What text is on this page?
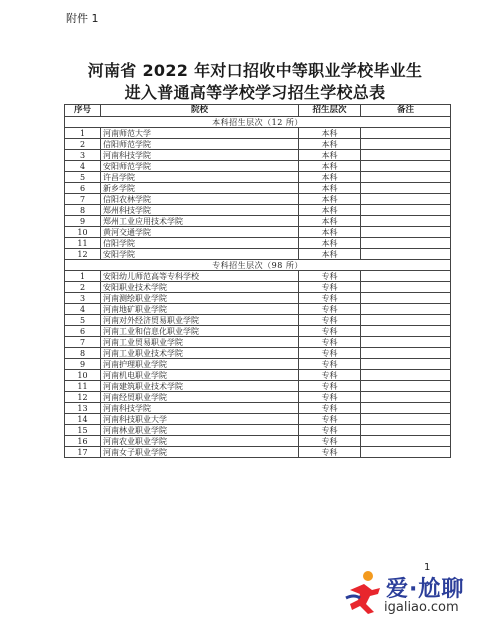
附件 1
河南省 2022 年对口招收中等职业学校毕业生
进入普通高等学校学习招生学校总表
序号	院校	招生层次	备注
本科招生层次（12 所）			
1	河南师范大学	本科	
2	信阳师范学院	本科	
3	河南科技学院	本科	
4	安阳师范学院	本科	
5	许昌学院	本科	
6	新乡学院	本科	
7	信阳农林学院	本科	
8	郑州科技学院	本科	
9	郑州工业应用技术学院	本科	
10	黄河交通学院	本科	
11	信阳学院	本科	
12	安阳学院	本科	
专科招生层次（98 所）			
1	安阳幼儿师范高等专科学校	专科	
2	安阳职业技术学院	专科	
3	河南测绘职业学院	专科	
4	河南地矿职业学院	专科	
5	河南对外经济贸易职业学院	专科	
6	河南工业和信息化职业学院	专科	
7	河南工业贸易职业学院	专科	
8	河南工业职业技术学院	专科	
9	河南护理职业学院	专科	
10	河南机电职业学院	专科	
11	河南建筑职业技术学院	专科	
12	河南经贸职业学院	专科	
13	河南科技学院	专科	
14	河南科技职业大学	专科	
15	河南林业职业学院	专科	
16	河南农业职业学院	专科	
17	河南女子职业学院	专科	
1
爱·尬聊
igaliao.com
